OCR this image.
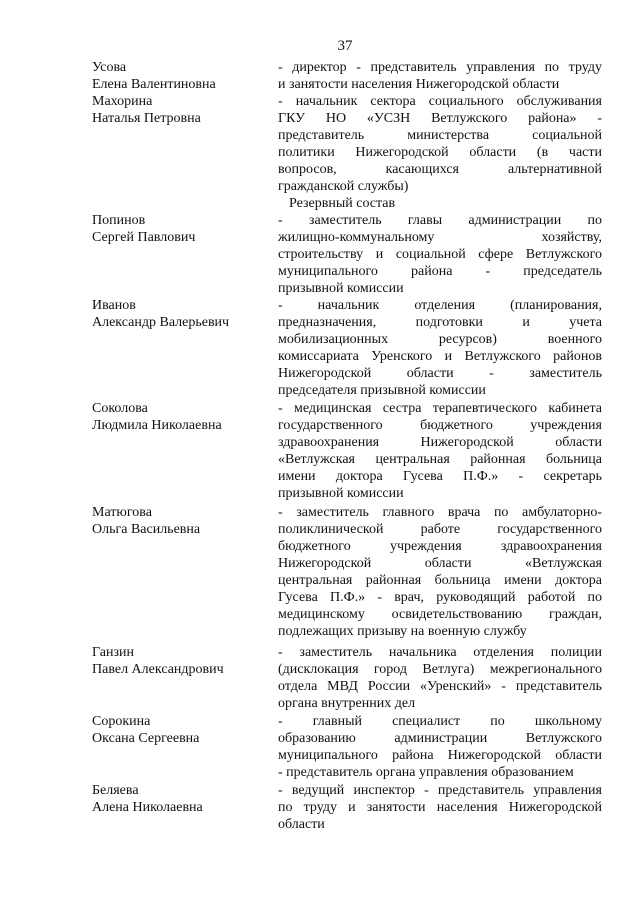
37
Усова
Елена Валентиновна
- директор - представитель управления по труду
и занятости населения Нижегородской области
Махорина
Наталья Петровна
- начальник сектора социального обслуживания
ГКУ НО «УСЗН Ветлужского района» -
представитель министерства социальной
политики Нижегородской области (в части
вопросов, касающихся альтернативной
гражданской службы)
Резервный состав
Попинов
Сергей Павлович
- заместитель главы администрации по
жилищно-коммунальному хозяйству,
строительству и социальной сфере Ветлужского
муниципального района - председатель
призывной комиссии
Иванов
Александр Валерьевич
- начальник отделения (планирования,
предназначения, подготовки и учета
мобилизационных ресурсов) военного
комиссариата Уренского и Ветлужского районов
Нижегородской области - заместитель
председателя призывной комиссии
Соколова
Людмила Николаевна
- медицинская сестра терапевтического кабинета
государственного бюджетного учреждения
здравоохранения Нижегородской области
«Ветлужская центральная районная больница
имени доктора Гусева П.Ф.» - секретарь
призывной комиссии
Матюгова
Ольга Васильевна
- заместитель главного врача по амбулаторно-
поликлинической работе государственного
бюджетного учреждения здравоохранения
Нижегородской области «Ветлужская
центральная районная больница имени доктора
Гусева П.Ф.» - врач, руководящий работой по
медицинскому освидетельствованию граждан,
подлежащих призыву на военную службу
Ганзин
Павел Александрович
- заместитель начальника отделения полиции
(дисклокация город Ветлуга) межрегионального
отдела МВД России «Уренский» - представитель
органа внутренних дел
Сорокина
Оксана Сергеевна
- главный специалист по школьному
образованию администрации Ветлужского
муниципального района Нижегородской области
- представитель органа управления образованием
Беляева
Алена Николаевна
- ведущий инспектор - представитель управления
по труду и занятости населения Нижегородской
области
